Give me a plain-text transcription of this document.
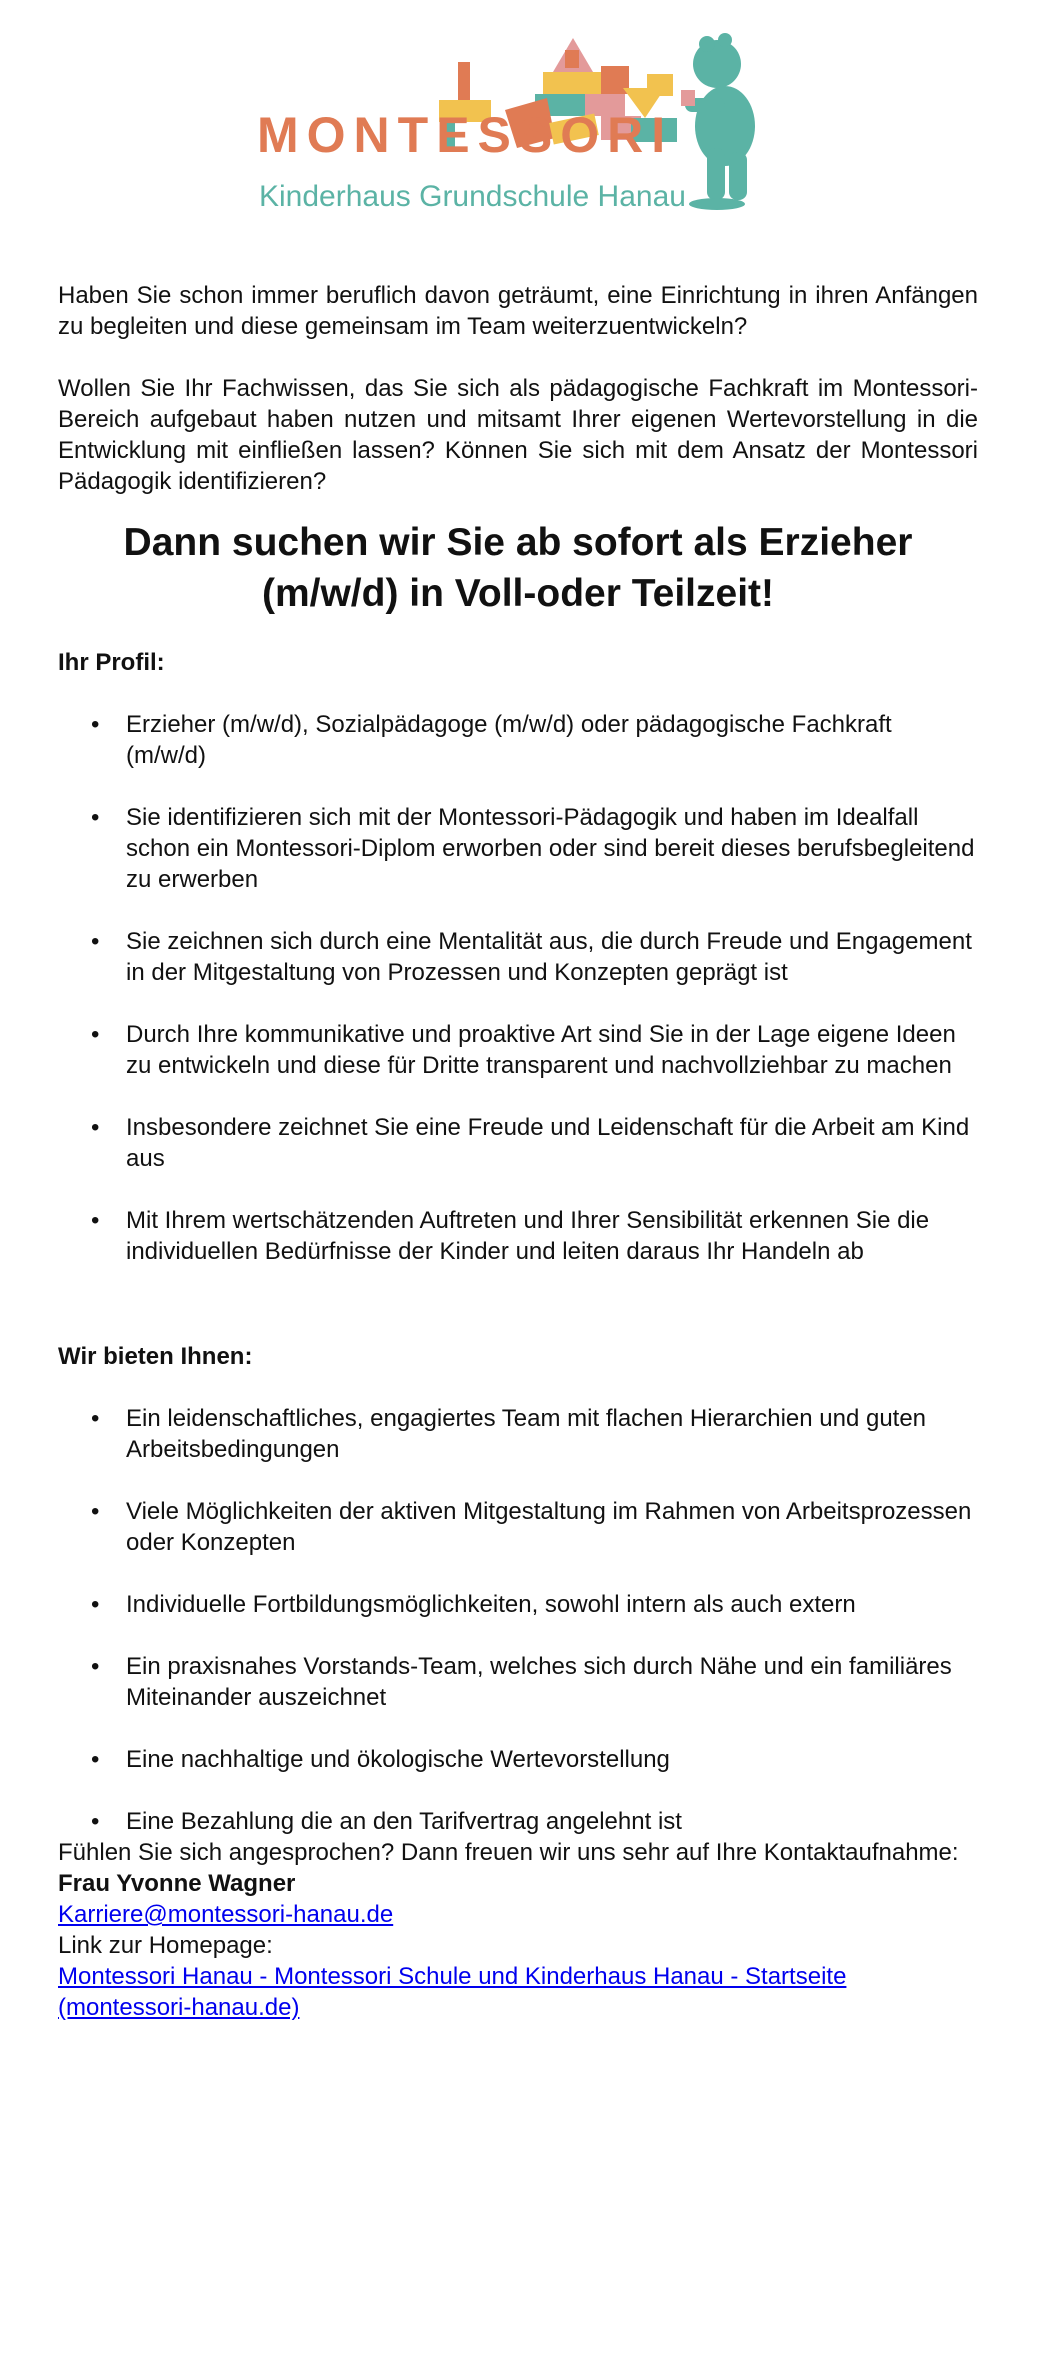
MONTESSORI
Kinderhaus Grundschule Hanau

Haben Sie schon immer beruflich davon geträumt, eine Einrichtung in ihren Anfängen zu begleiten und diese gemeinsam im Team weiterzuentwickeln?

Wollen Sie Ihr Fachwissen, das Sie sich als pädagogische Fachkraft im Montessori-Bereich aufgebaut haben nutzen und mitsamt Ihrer eigenen Wertevorstellung in die Entwicklung mit einfließen lassen? Können Sie sich mit dem Ansatz der Montessori Pädagogik identifizieren?

Dann suchen wir Sie ab sofort als Erzieher
(m/w/d) in Voll-oder Teilzeit!
Ihr Profil:
• Erzieher (m/w/d), Sozialpädagoge (m/w/d) oder pädagogische Fachkraft (m/w/d)
• Sie identifizieren sich mit der Montessori-Pädagogik und haben im Idealfall schon ein Montessori-Diplom erworben oder sind bereit dieses berufsbegleitend zu erwerben
• Sie zeichnen sich durch eine Mentalität aus, die durch Freude und Engagement in der Mitgestaltung von Prozessen und Konzepten geprägt ist
• Durch Ihre kommunikative und proaktive Art sind Sie in der Lage eigene Ideen zu entwickeln und diese für Dritte transparent und nachvollziehbar zu machen
• Insbesondere zeichnet Sie eine Freude und Leidenschaft für die Arbeit am Kind aus
• Mit Ihrem wertschätzenden Auftreten und Ihrer Sensibilität erkennen Sie die individuellen Bedürfnisse der Kinder und leiten daraus Ihr Handeln ab
Wir bieten Ihnen:
• Ein leidenschaftliches, engagiertes Team mit flachen Hierarchien und guten Arbeitsbedingungen
• Viele Möglichkeiten der aktiven Mitgestaltung im Rahmen von Arbeitsprozessen oder Konzepten
• Individuelle Fortbildungsmöglichkeiten, sowohl intern als auch extern
• Ein praxisnahes Vorstands-Team, welches sich durch Nähe und ein familiäres Miteinander auszeichnet
• Eine nachhaltige und ökologische Wertevorstellung
• Eine Bezahlung die an den Tarifvertrag angelehnt ist

Fühlen Sie sich angesprochen? Dann freuen wir uns sehr auf Ihre Kontaktaufnahme:

Frau Yvonne Wagner

Karriere@montessori-hanau.de

Link zur Homepage:

Montessori Hanau - Montessori Schule und Kinderhaus Hanau - Startseite
(montessori-hanau.de)
